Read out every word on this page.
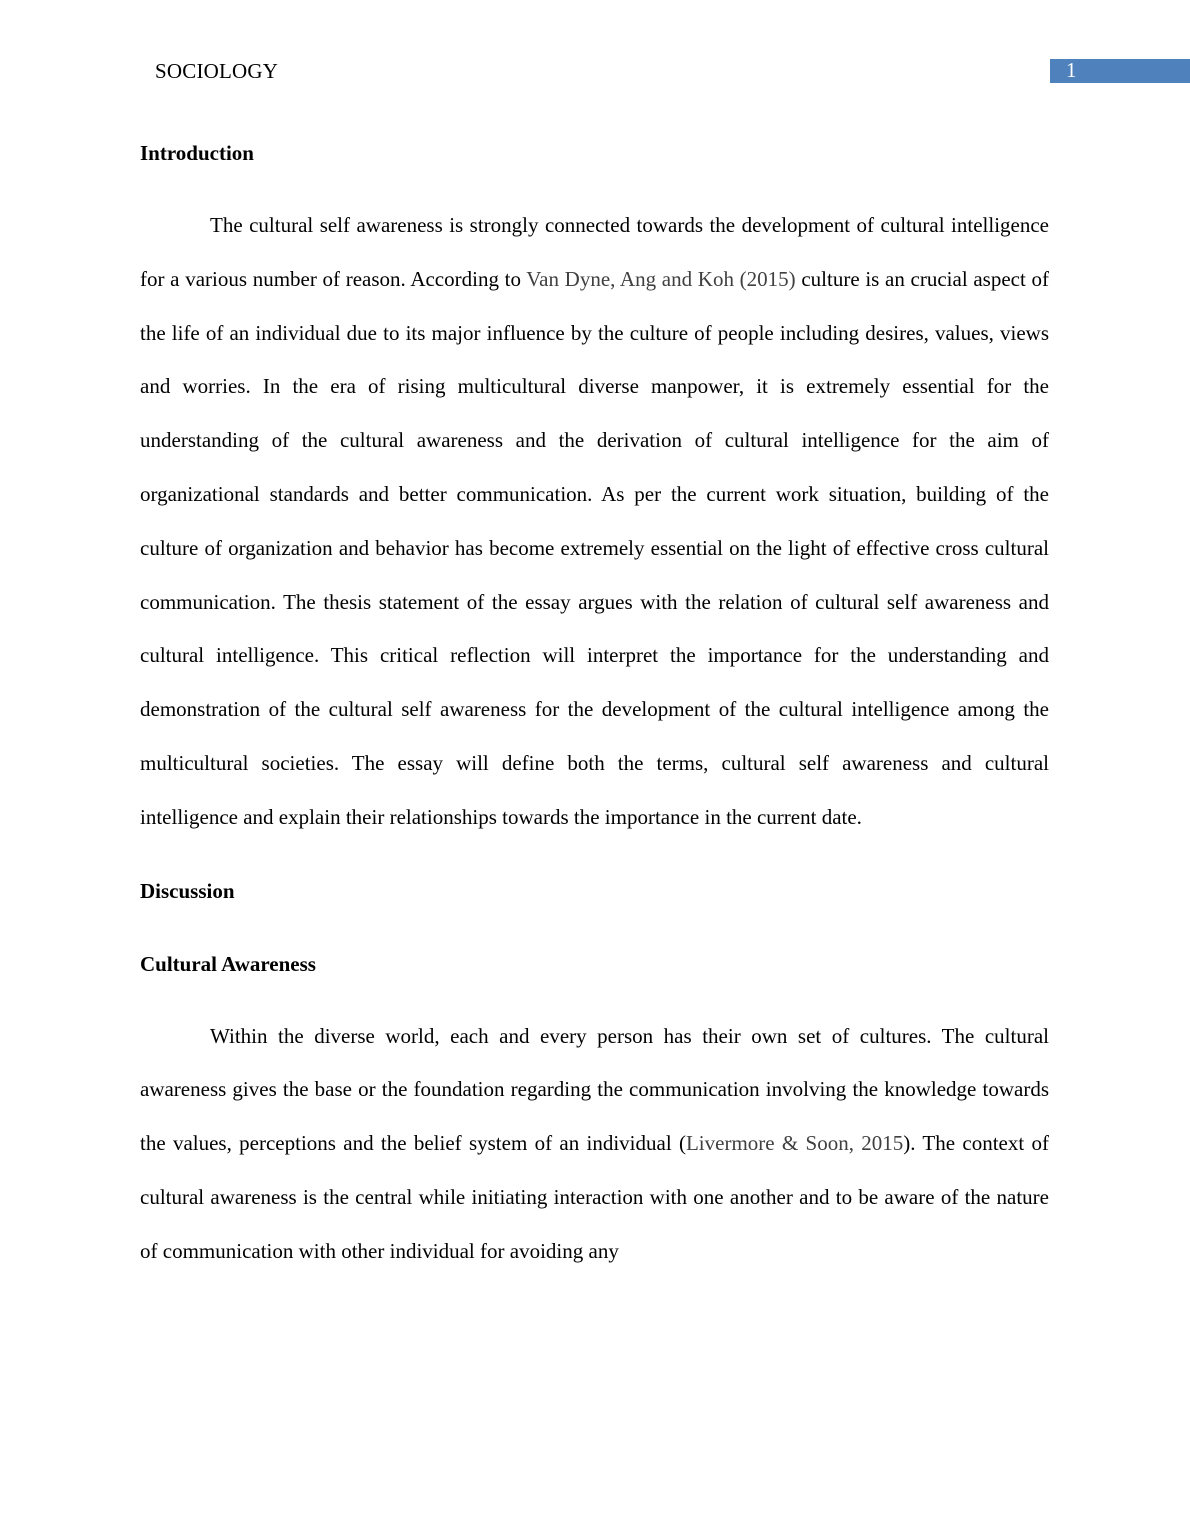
SOCIOLOGY	1
Introduction

The cultural self awareness is strongly connected towards the development of cultural intelligence for a various number of reason. According to Van Dyne, Ang and Koh (2015) culture is an crucial aspect of the life of an individual due to its major influence by the culture of people including desires, values, views and worries. In the era of rising multicultural diverse manpower, it is extremely essential for the understanding of the cultural awareness and the derivation of cultural intelligence for the aim of organizational standards and better communication. As per the current work situation, building of the culture of organization and behavior has become extremely essential on the light of effective cross cultural communication. The thesis statement of the essay argues with the relation of cultural self awareness and cultural intelligence. This critical reflection will interpret the importance for the understanding and demonstration of the cultural self awareness for the development of the cultural intelligence among the multicultural societies. The essay will define both the terms, cultural self awareness and cultural intelligence and explain their relationships towards the importance in the current date.

Discussion
Cultural Awareness

Within the diverse world, each and every person has their own set of cultures. The cultural awareness gives the base or the foundation regarding the communication involving the knowledge towards the values, perceptions and the belief system of an individual (Livermore & Soon, 2015). The context of cultural awareness is the central while initiating interaction with one another and to be aware of the nature of communication with other individual for avoiding any
